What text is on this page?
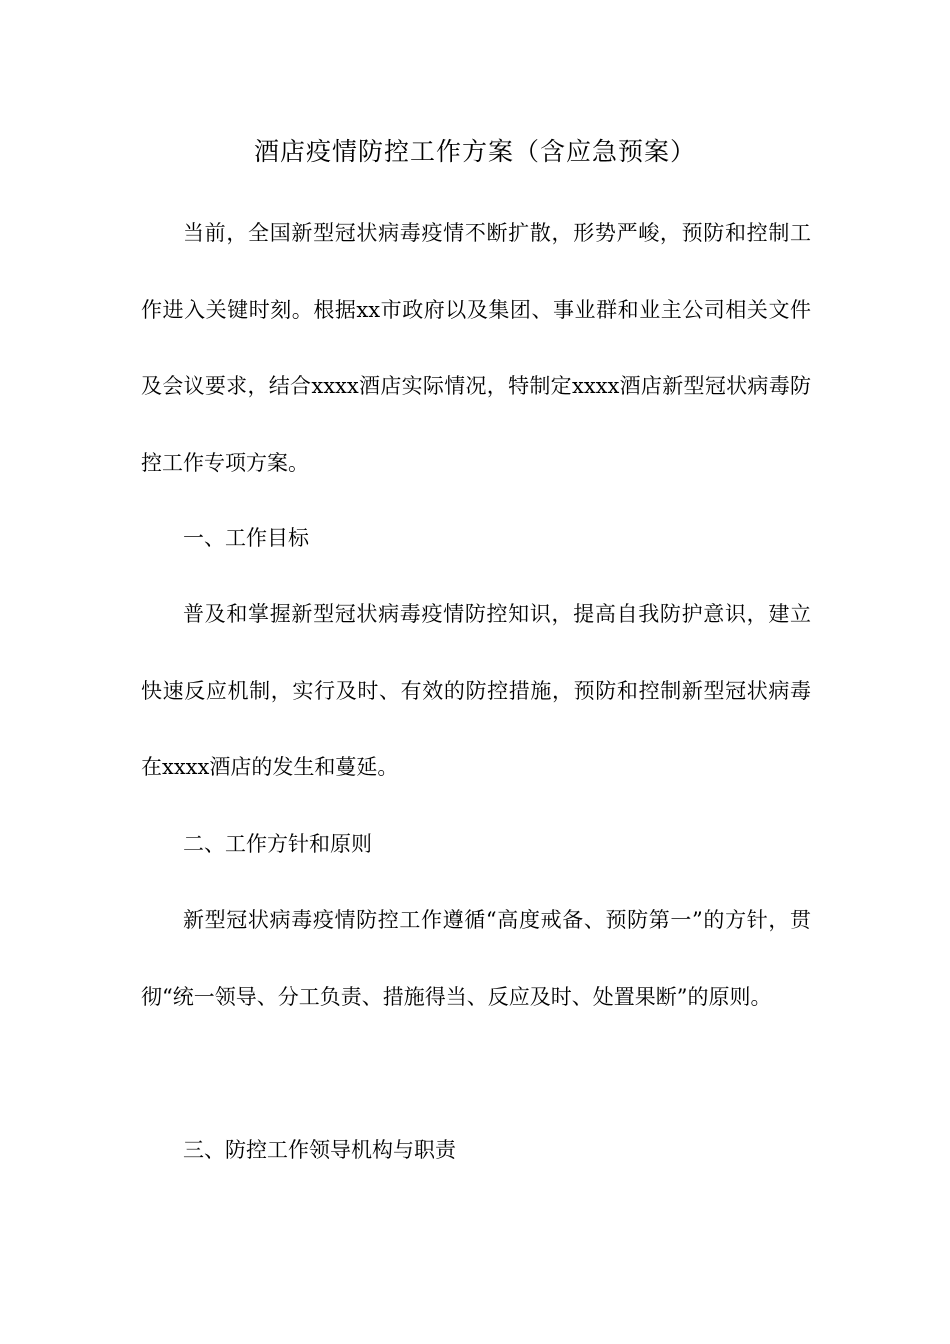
酒店疫情防控工作方案（含应急预案）
当前，全国新型冠状病毒疫情不断扩散，形势严峻，预防和控制工作进入关键时刻。根据xx市政府以及集团、事业群和业主公司相关文件及会议要求，结合xxxx酒店实际情况，特制定xxxx酒店新型冠状病毒防控工作专项方案。
一、工作目标
普及和掌握新型冠状病毒疫情防控知识，提高自我防护意识，建立快速反应机制，实行及时、有效的防控措施，预防和控制新型冠状病毒在xxxx酒店的发生和蔓延。
二、工作方针和原则
新型冠状病毒疫情防控工作遵循“高度戒备、预防第一”的方针，贯彻“统一领导、分工负责、措施得当、反应及时、处置果断”的原则。
三、防控工作领导机构与职责
